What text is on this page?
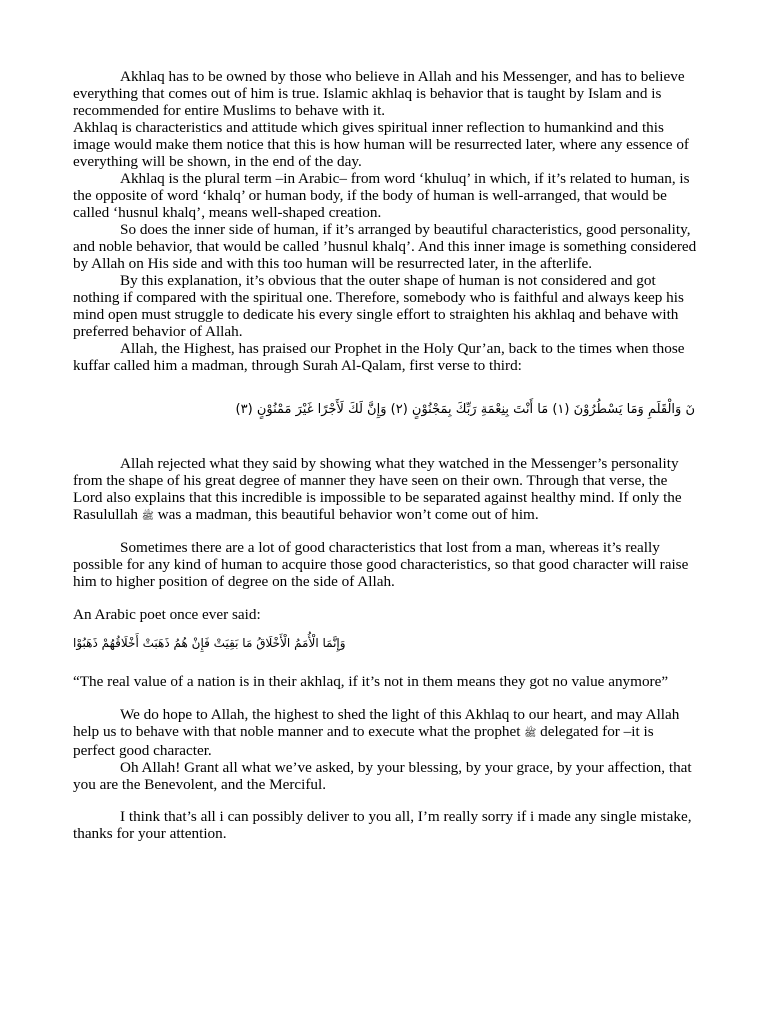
Akhlaq has to be owned by those who believe in Allah and his Messenger, and has to believe everything that comes out of him is true. Islamic akhlaq is behavior that is taught by Islam and is recommended for entire Muslims to behave with it.

Akhlaq is characteristics and attitude which gives spiritual inner reflection to humankind and this image would make them notice that this is how human will be resurrected later, where any essence of everything will be shown, in the end of the day.

Akhlaq is the plural term –in Arabic– from word ‘khuluq’ in which, if it’s related to human, is the opposite of word ‘khalq’ or human body, if the body of human is well-arranged, that would be called ‘husnul khalq’, means well-shaped creation.

So does the inner side of human, if it’s arranged by beautiful characteristics, good personality, and noble behavior, that would be called ’husnul khalq’. And this inner image is something considered by Allah on His side and with this too human will be resurrected later, in the afterlife.

By this explanation, it’s obvious that the outer shape of human is not considered and got nothing if compared with the spiritual one. Therefore, somebody who is faithful and always keep his mind open must struggle to dedicate his every single effort to straighten his akhlaq and behave with preferred behavior of Allah.

Allah, the Highest, has praised our Prophet in the Holy Qur’an, back to the times when those kuffar called him a madman, through Surah Al-Qalam, first verse to third:

نٓ وَالْقَلَمِ وَمَا يَسْطُرُوْنَ (١) مَا أَنْتَ بِنِعْمَةِ رَبِّكَ بِمَجْنُوْنٍ (٢) وَإِنَّ لَكَ لَأَجْرًا غَيْرَ مَمْنُوْنٍ (٣)

Allah rejected what they said by showing what they watched in the Messenger’s personality from the shape of his great degree of manner they have seen on their own. Through that verse, the Lord also explains that this incredible is impossible to be separated against healthy mind. If only the Rasulullah ﷺ was a madman, this beautiful behavior won’t come out of him.

Sometimes there are a lot of good characteristics that lost from a man, whereas it’s really possible for any kind of human to acquire those good characteristics, so that good character will raise him to higher position of degree on the side of Allah.

An Arabic poet once ever said:

وَإِنَّمَا الْأُمَمُ الْأَخْلَاقُ مَا بَقِيَتْ فَإِنْ هُمُ ذَهَبَتْ أَخْلَاقُهُمْ ذَهَبُوْا

“The real value of a nation is in their akhlaq, if it’s not in them means they got no value anymore”

We do hope to Allah, the highest to shed the light of this Akhlaq to our heart, and may Allah help us to behave with that noble manner and to execute what the prophet ﷺ delegated for –it is perfect good character.

Oh Allah! Grant all what we’ve asked, by your blessing, by your grace, by your affection, that you are the Benevolent, and the Merciful.

I think that’s all i can possibly deliver to you all, I’m really sorry if i made any single mistake, thanks for your attention.
